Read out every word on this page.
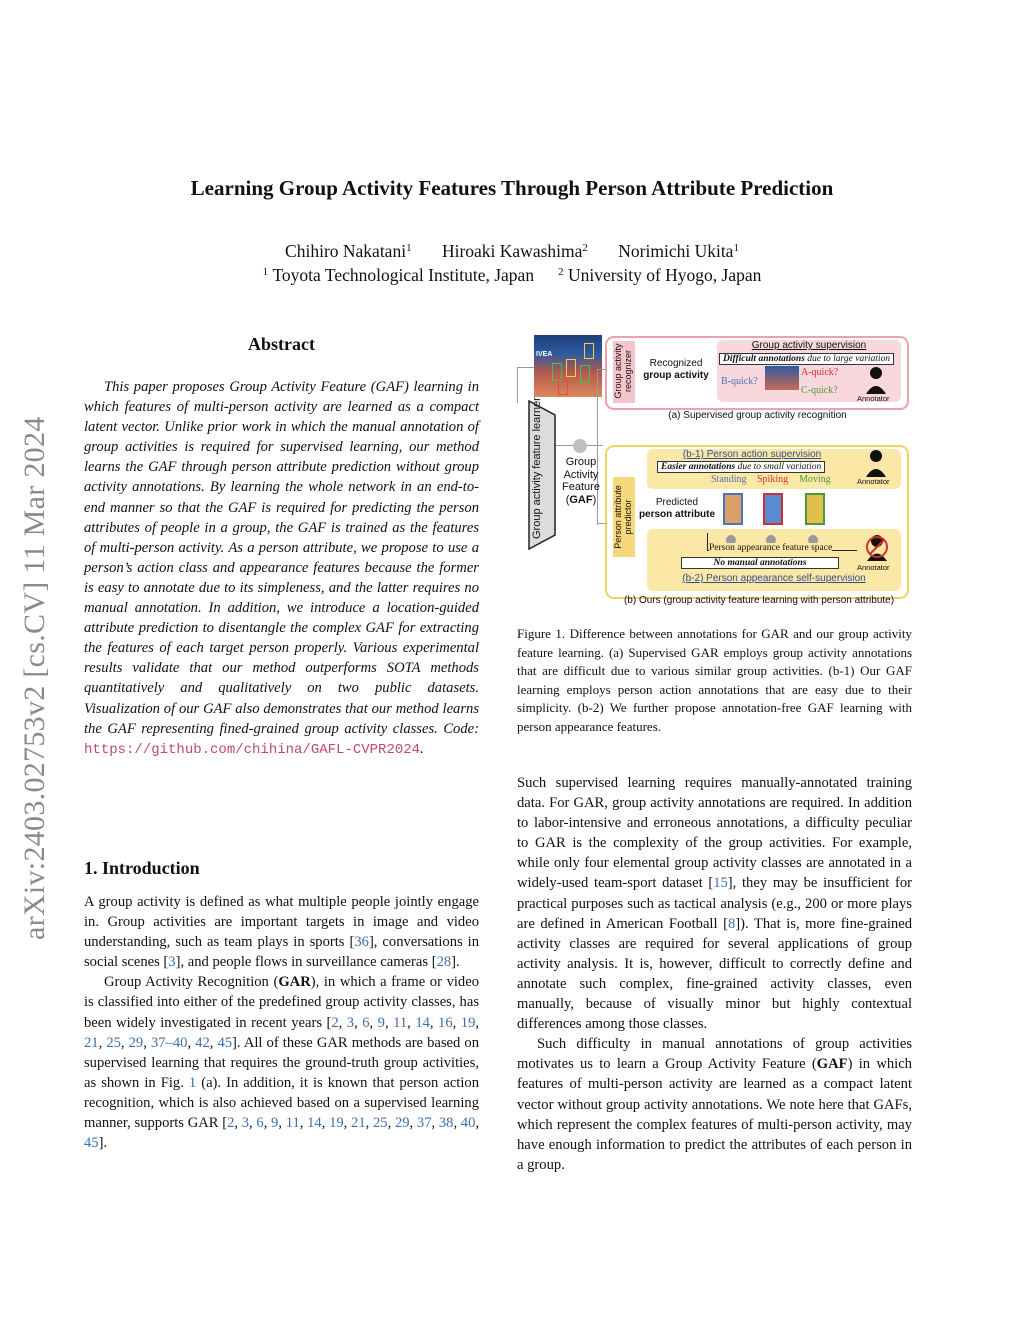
Learning Group Activity Features Through Person Attribute Prediction
Chihiro Nakatani$^1$ Hiroaki Kawashima$^2$ Norimichi Ukita$^1$
$^1$ Toyota Technological Institute, Japan $^2$ University of Hyogo, Japan
arXiv:2403.02753v2 [cs.CV] 11 Mar 2024
Abstract
This paper proposes Group Activity Feature (GAF) learning in which features of multi-person activity are learned as a compact latent vector. Unlike prior work in which the manual annotation of group activities is required for supervised learning, our method learns the GAF through person attribute prediction without group activity annotations. By learning the whole network in an end-to-end manner so that the GAF is required for predicting the person attributes of people in a group, the GAF is trained as the features of multi-person activity. As a person attribute, we propose to use a person’s action class and appearance features because the former is easy to annotate due to its simpleness, and the latter requires no manual annotation. In addition, we introduce a location-guided attribute prediction to disentangle the complex GAF for extracting the features of each target person properly. Various experimental results validate that our method outperforms SOTA methods quantitatively and qualitatively on two public datasets. Visualization of our GAF also demonstrates that our method learns the GAF representing fined-grained group activity classes. Code: https://github.com/chihina/GAFL-CVPR2024.
1. Introduction

A group activity is defined as what multiple people jointly engage in. Group activities are important targets in image and video understanding, such as team plays in sports [36], conversations in social scenes [3], and people flows in surveillance cameras [28].

Group Activity Recognition (GAR), in which a frame or video is classified into either of the predefined group activity classes, has been widely investigated in recent years [2, 3, 6, 9, 11, 14, 16, 19, 21, 25, 29, 37–40, 42, 45]. All of these GAR methods are based on supervised learning that requires the ground-truth group activities, as shown in Fig. 1 (a). In addition, it is known that person action recognition, which is also achieved based on a supervised learning manner, supports GAR [2, 3, 6, 9, 11, 14, 19, 21, 25, 29, 37, 38, 40, 45].

IVEA
Group activity feature learner	Group
Activity
Feature
(GAF)
Group activity recognizer	Recognized
group activity
Group activity supervision
Difficult annotations due to large variation
B-quick?
A-quick?
C-quick?
Annotator
(a) Supervised group activity recognition
Person attribute predictor	Predicted
person attribute
(b-1) Person action supervision
Easier annotations due to small variation
Standing Spiking Moving	Annotator
Person appearance feature space
No manual annotations	Annotator
(b-2) Person appearance self-supervision
(b) Ours (group activity feature learning with person attribute)
Figure 1. Difference between annotations for GAR and our group activity feature learning. (a) Supervised GAR employs group activity annotations that are difficult due to various similar group activities. (b-1) Our GAF learning employs person action annotations that are easy due to their simplicity. (b-2) We further propose annotation-free GAF learning with person appearance features.

Such supervised learning requires manually-annotated training data. For GAR, group activity annotations are required. In addition to labor-intensive and erroneous annotations, a difficulty peculiar to GAR is the complexity of the group activities. For example, while only four elemental group activity classes are annotated in a widely-used team-sport dataset [15], they may be insufficient for practical purposes such as tactical analysis (e.g., 200 or more plays are defined in American Football [8]). That is, more fine-grained activity classes are required for several applications of group activity analysis. It is, however, difficult to correctly define and annotate such complex, fine-grained activity classes, even manually, because of visually minor but highly contextual differences among those classes.

Such difficulty in manual annotations of group activities motivates us to learn a Group Activity Feature (GAF) in which features of multi-person activity are learned as a compact latent vector without group activity annotations. We note here that GAFs, which represent the complex features of multi-person activity, may have enough information to predict the attributes of each person in a group.
